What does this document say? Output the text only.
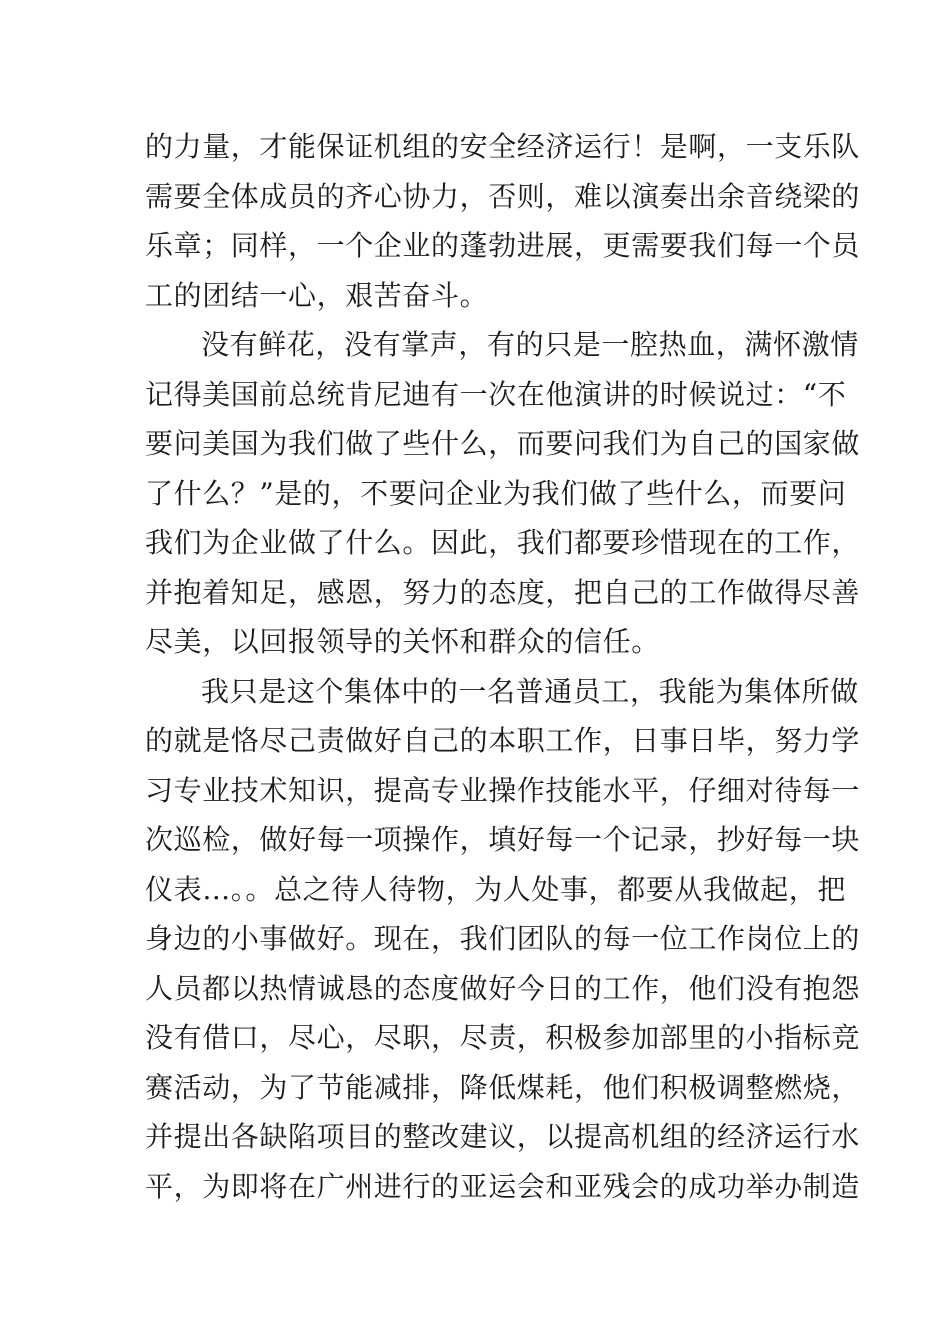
的力量，才能保证机组的安全经济运行！是啊，一支乐队
需要全体成员的齐心协力，否则，难以演奏出余音绕梁的
乐章；同样，一个企业的蓬勃进展，更需要我们每一个员
工的团结一心，艰苦奋斗。
没有鲜花，没有掌声，有的只是一腔热血，满怀激情
记得美国前总统肯尼迪有一次在他演讲的时候说过：“不
要问美国为我们做了些什么，而要问我们为自己的国家做
了什么？”是的，不要问企业为我们做了些什么，而要问
我们为企业做了什么。因此，我们都要珍惜现在的工作，
并抱着知足，感恩，努力的态度，把自己的工作做得尽善
尽美，以回报领导的关怀和群众的信任。
我只是这个集体中的一名普通员工，我能为集体所做
的就是恪尽己责做好自己的本职工作，日事日毕，努力学
习专业技术知识，提高专业操作技能水平，仔细对待每一
次巡检，做好每一项操作，填好每一个记录，抄好每一块
仪表…。。总之待人待物，为人处事，都要从我做起，把
身边的小事做好。现在，我们团队的每一位工作岗位上的
人员都以热情诚恳的态度做好今日的工作，他们没有抱怨
没有借口，尽心，尽职，尽责，积极参加部里的小指标竞
赛活动，为了节能减排，降低煤耗，他们积极调整燃烧，
并提出各缺陷项目的整改建议，以提高机组的经济运行水
平，为即将在广州进行的亚运会和亚残会的成功举办制造
